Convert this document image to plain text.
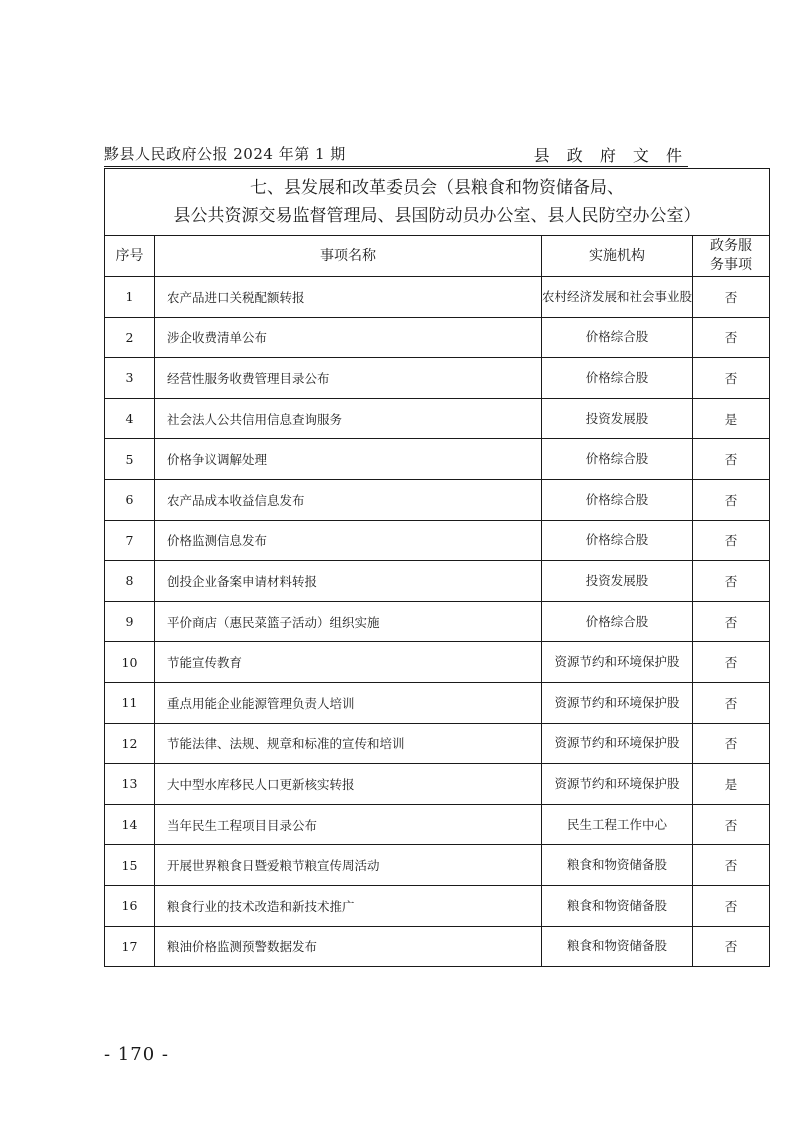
黟县人民政府公报 2024 年第 1 期	县 政 府 文 件
七、县发展和改革委员会（县粮食和物资储备局、
县公共资源交易监督管理局、县国防动员办公室、县人民防空办公室）			

序号	事项名称	实施机构	政务服
务事项

1	农产品进口关税配额转报	农村经济发展和社会事业股	否
2	涉企收费清单公布	价格综合股	否
3	经营性服务收费管理目录公布	价格综合股	否
4	社会法人公共信用信息查询服务	投资发展股	是
5	价格争议调解处理	价格综合股	否
6	农产品成本收益信息发布	价格综合股	否
7	价格监测信息发布	价格综合股	否
8	创投企业备案申请材料转报	投资发展股	否
9	平价商店（惠民菜篮子活动）组织实施	价格综合股	否
10	节能宣传教育	资源节约和环境保护股	否
11	重点用能企业能源管理负责人培训	资源节约和环境保护股	否
12	节能法律、法规、规章和标准的宣传和培训	资源节约和环境保护股	否
13	大中型水库移民人口更新核实转报	资源节约和环境保护股	是
14	当年民生工程项目目录公布	民生工程工作中心	否
15	开展世界粮食日暨爱粮节粮宣传周活动	粮食和物资储备股	否
16	粮食行业的技术改造和新技术推广	粮食和物资储备股	否
17	粮油价格监测预警数据发布	粮食和物资储备股	否
- 170 -
